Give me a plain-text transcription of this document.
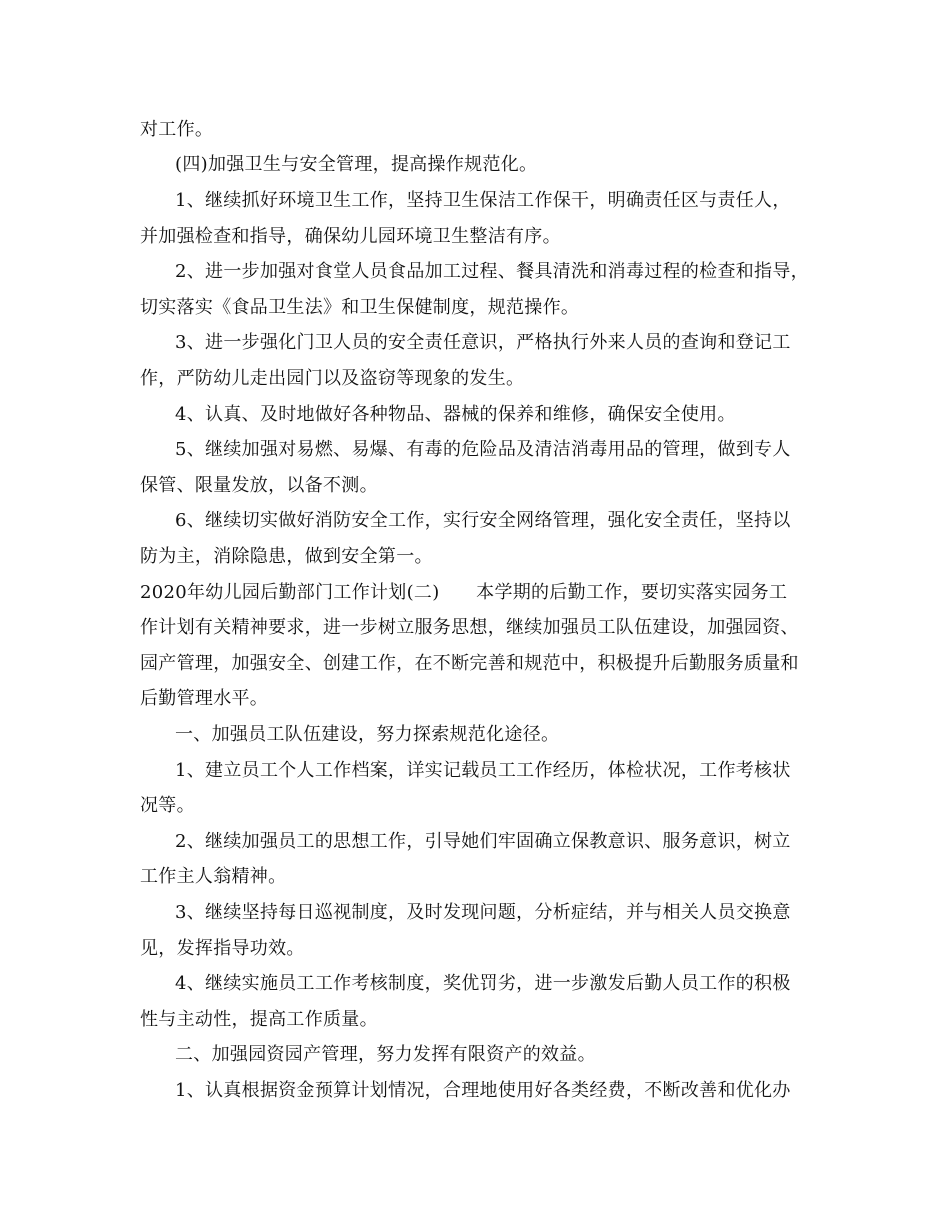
对工作。
(四)加强卫生与安全管理，提高操作规范化。
1、继续抓好环境卫生工作，坚持卫生保洁工作保干，明确责任区与责任人，
并加强检查和指导，确保幼儿园环境卫生整洁有序。
2、进一步加强对食堂人员食品加工过程、餐具清洗和消毒过程的检查和指导，
切实落实《食品卫生法》和卫生保健制度，规范操作。
3、进一步强化门卫人员的安全责任意识，严格执行外来人员的查询和登记工
作，严防幼儿走出园门以及盗窃等现象的发生。
4、认真、及时地做好各种物品、器械的保养和维修，确保安全使用。
5、继续加强对易燃、易爆、有毒的危险品及清洁消毒用品的管理，做到专人
保管、限量发放，以备不测。
6、继续切实做好消防安全工作，实行安全网络管理，强化安全责任，坚持以
防为主，消除隐患，做到安全第一。
2020年幼儿园后勤部门工作计划(二)　　本学期的后勤工作，要切实落实园务工
作计划有关精神要求，进一步树立服务思想，继续加强员工队伍建设，加强园资、
园产管理，加强安全、创建工作，在不断完善和规范中，积极提升后勤服务质量和
后勤管理水平。
一、加强员工队伍建设，努力探索规范化途径。
1、建立员工个人工作档案，详实记载员工工作经历，体检状况，工作考核状
况等。
2、继续加强员工的思想工作，引导她们牢固确立保教意识、服务意识，树立
工作主人翁精神。
3、继续坚持每日巡视制度，及时发现问题，分析症结，并与相关人员交换意
见，发挥指导功效。
4、继续实施员工工作考核制度，奖优罚劣，进一步激发后勤人员工作的积极
性与主动性，提高工作质量。
二、加强园资园产管理，努力发挥有限资产的效益。
1、认真根据资金预算计划情况，合理地使用好各类经费，不断改善和优化办
